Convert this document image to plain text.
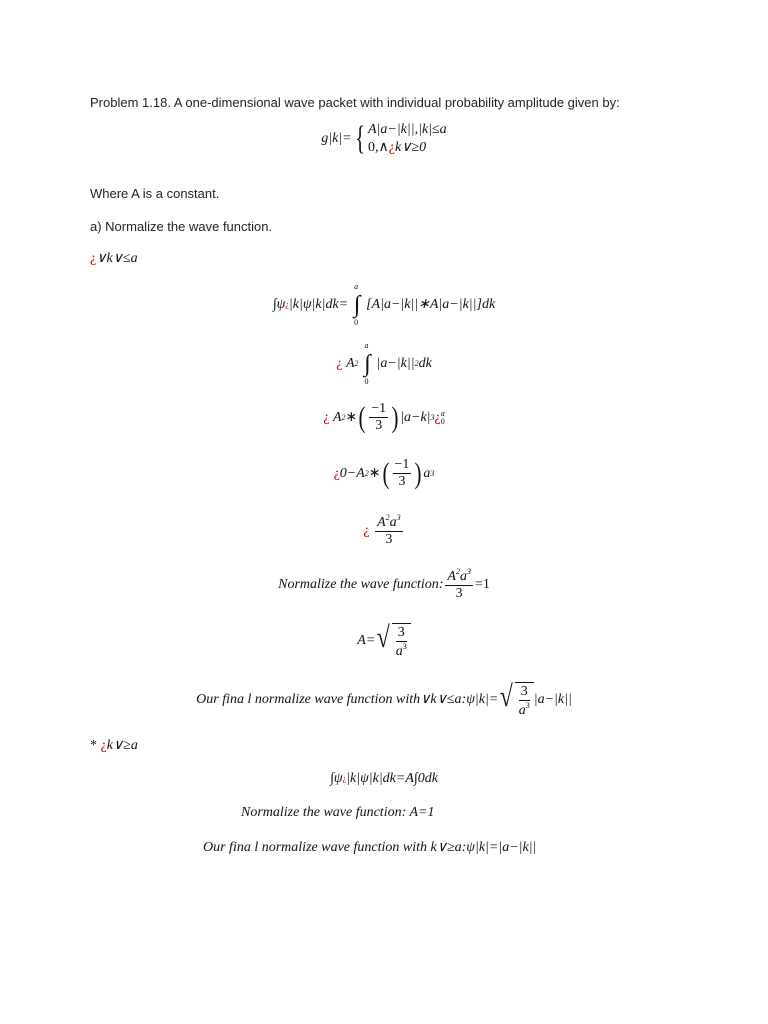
Problem 1.18. A one-dimensional wave packet with individual probability amplitude given by:
g|k|= { A|a−|k||,|k|≤a
0,∧¿k∨≥0
Where A is a constant.
a) Normalize the wave function.
¿ ∨k∨≤a
∫ψ ¿ |k|ψ|k|dk= ∫
a
0
[A|a−|k||∗A|a−|k||]dk
¿
A 2 ∫
a
0
|a−|k|| 2 dk
¿
A 2 ∗ ( $\frac{-1}{3}$ ) |a−k| 3 ¿ a
0
¿ 0−A 2 ∗ ( $\frac{-1}{3}$ ) a 3
¿
$\frac{A^2a^3}{3}$
Normalize the wave function: $\frac{A^2a^3}{3} =1$
A= √ $\frac{3}{a^3}$
Our fina l normalize wave function with∨k∨≤a:ψ|k|= √ $\frac{3}{a^3} |a-|k||$
*
¿ k∨≥a
∫ψ ¿ |k|ψ|k|dk=A∫0dk
Normalize the wave function: A=1
Our fina l normalize wave function with k∨≥a:ψ|k|=|a−|k||
